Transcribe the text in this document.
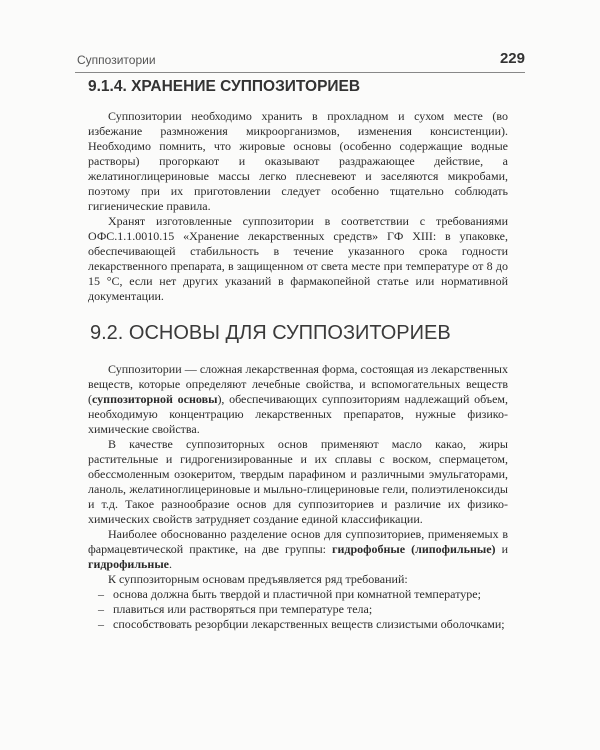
Суппозитории	229
9.1.4. ХРАНЕНИЕ СУППОЗИТОРИЕВ

Суппозитории необходимо хранить в прохладном и сухом месте (во избежание размножения микроорганизмов, изменения консистенции). Необходимо помнить, что жировые основы (особенно содержащие водные растворы) прогоркают и оказывают раздражающее действие, а желатиноглицериновые массы легко плесневеют и заселяются микробами, поэтому при их приготовлении следует особенно тщательно соблюдать гигиенические правила.

Хранят изготовленные суппозитории в соответствии с требованиями ОФС.1.1.0010.15 «Хранение лекарственных средств» ГФ XIII: в упаковке, обеспечивающей стабильность в течение указанного срока годности лекарственного препарата, в защищенном от света месте при температуре от 8 до 15 °С, если нет других указаний в фармакопейной статье или нормативной документации.

9.2. ОСНОВЫ ДЛЯ СУППОЗИТОРИЕВ

Суппозитории — сложная лекарственная форма, состоящая из лекарственных веществ, которые определяют лечебные свойства, и вспомогательных веществ (суппозиторной основы), обеспечивающих суппозиториям надлежащий объем, необходимую концентрацию лекарственных препаратов, нужные физико-химические свойства.

В качестве суппозиторных основ применяют масло какао, жиры растительные и гидрогенизированные и их сплавы с воском, спермацетом, обессмоленным озокеритом, твердым парафином и различными эмульгаторами, ланоль, желатиноглицериновые и мыльно-глицериновые гели, полиэтиленоксиды и т.д. Такое разнообразие основ для суппозиториев и различие их физико-химических свойств затрудняет создание единой классификации.

Наиболее обоснованно разделение основ для суппозиториев, применяемых в фармацевтической практике, на две группы: гидрофобные (липофильные) и гидрофильные.

К суппозиторным основам предъявляется ряд требований:

– основа должна быть твердой и пластичной при комнатной температуре;
– плавиться или растворяться при температуре тела;
– способствовать резорбции лекарственных веществ слизистыми оболочками;
